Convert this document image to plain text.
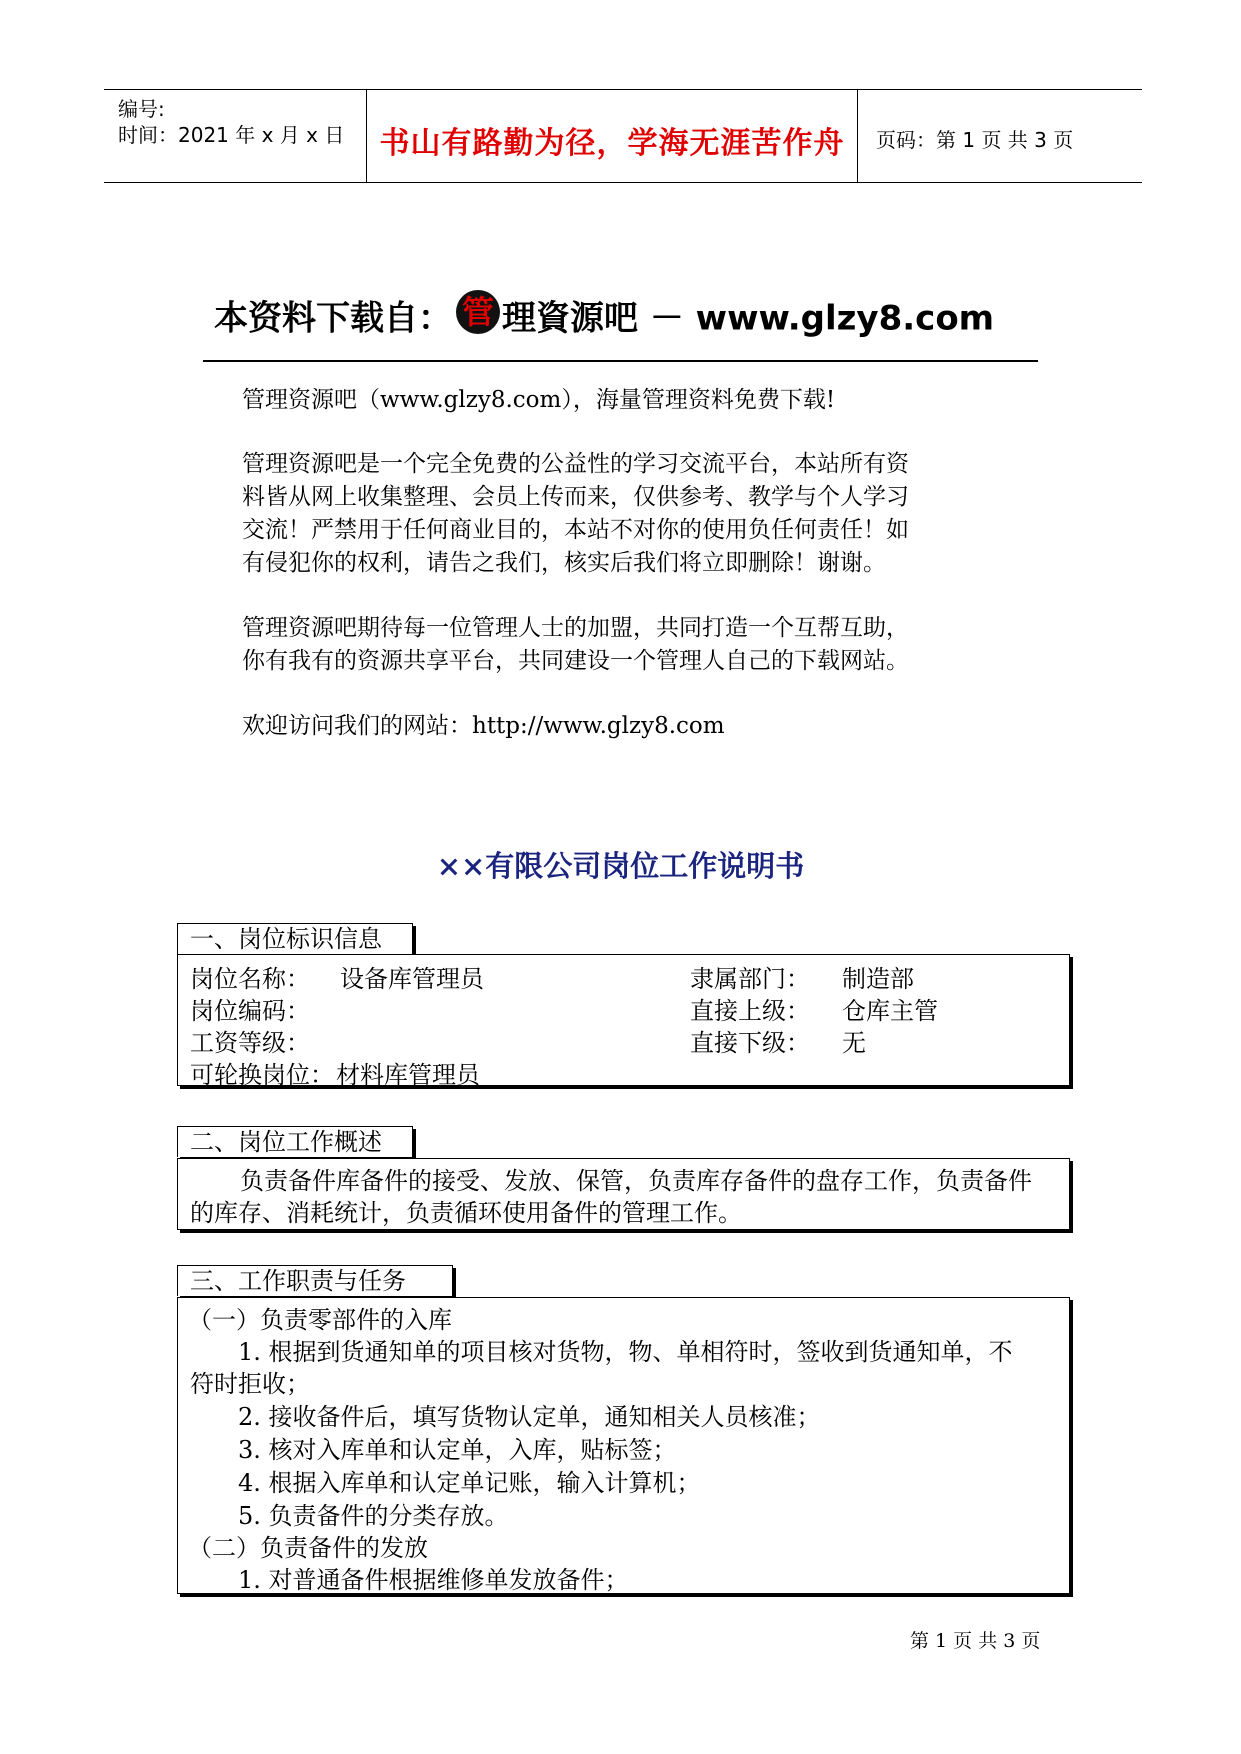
编号:
时间：2021 年 x 月 x 日	书山有路勤为径，学海无涯苦作舟	页码：第 1 页 共 3 页
本资料下载自： 管 理資源吧 － www.glzy8.com

管理资源吧（www.glzy8.com），海量管理资料免费下载!

管理资源吧是一个完全免费的公益性的学习交流平台，本站所有资

料皆从网上收集整理、会员上传而来，仅供参考、教学与个人学习

交流！严禁用于任何商业目的，本站不对你的使用负任何责任！如

有侵犯你的权利，请告之我们，核实后我们将立即删除！谢谢。

管理资源吧期待每一位管理人士的加盟，共同打造一个互帮互助，

你有我有的资源共享平台，共同建设一个管理人自己的下载网站。

欢迎访问我们的网站：http://www.glzy8.com

××有限公司岗位工作说明书
一、岗位标识信息
岗位名称： 设备库管理员	隶属部门： 制造部
岗位编码：	直接上级： 仓库主管
工资等级：	直接下级： 无
可轮换岗位： 材料库管理员
二、岗位工作概述
负责备件库备件的接受、发放、保管，负责库存备件的盘存工作，负责备件
的库存、消耗统计，负责循环使用备件的管理工作。
三、工作职责与任务
（一）负责零部件的入库
1. 根据到货通知单的项目核对货物，物、单相符时，签收到货通知单，不
符时拒收；
2. 接收备件后，填写货物认定单，通知相关人员核准；
3. 核对入库单和认定单，入库，贴标签；
4. 根据入库单和认定单记账，输入计算机；
5. 负责备件的分类存放。
（二）负责备件的发放
1. 对普通备件根据维修单发放备件；
第 1 页 共 3 页
